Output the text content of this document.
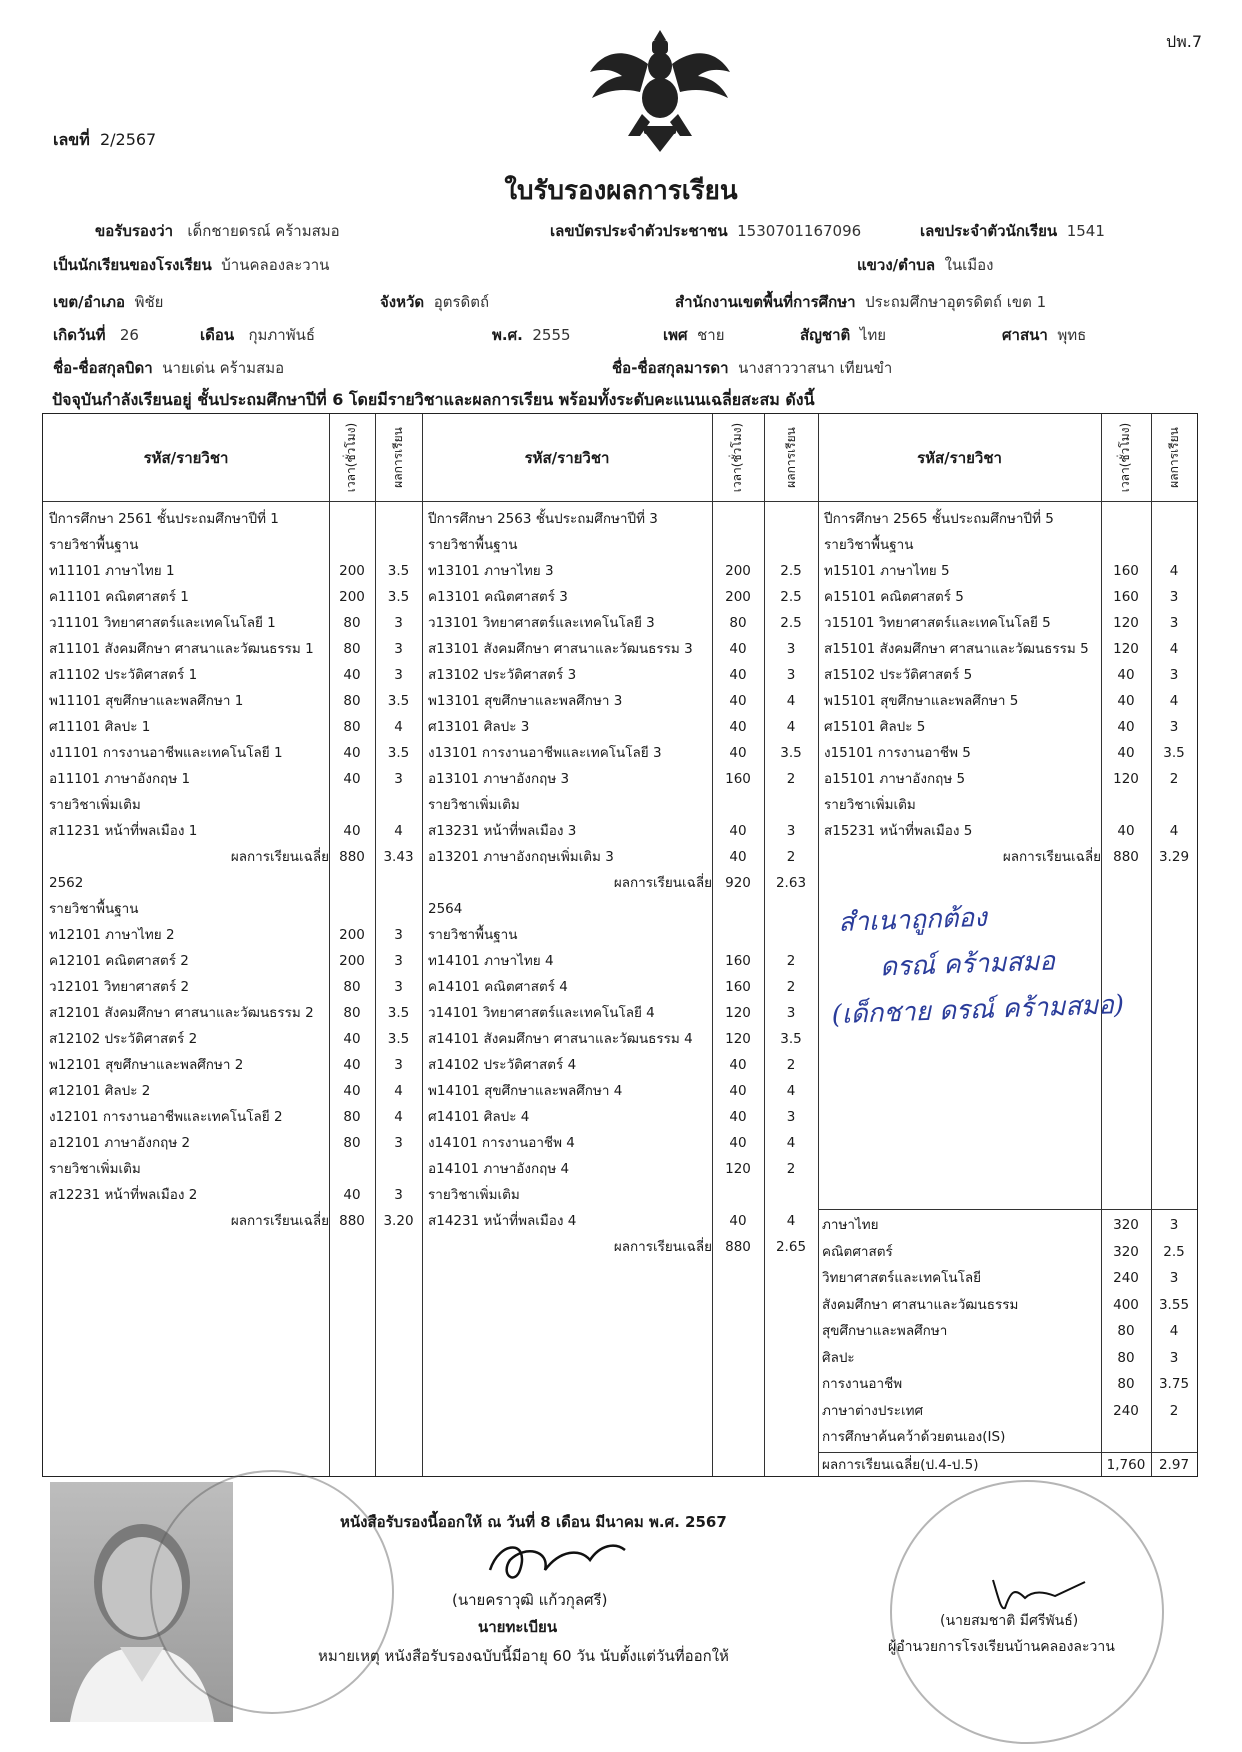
ปพ.7
เลขที่ 2/2567
ใบรับรองผลการเรียน
ขอรับรองว่า เด็กชายดรณ์ คร้ามสมอ	เลขบัตรประจำตัวประชาชน 1530701167096	เลขประจำตัวนักเรียน 1541
เป็นนักเรียนของโรงเรียน บ้านคลองละวาน	แขวง/ตำบล ในเมือง
เขต/อำเภอ พิชัย	จังหวัด อุตรดิตถ์	สำนักงานเขตพื้นที่การศึกษา ประถมศึกษาอุตรดิตถ์ เขต 1
เกิดวันที่ 26	เดือน กุมภาพันธ์	พ.ศ. 2555	เพศ ชาย	สัญชาติ ไทย	ศาสนา พุทธ
ชื่อ-ชื่อสกุลบิดา นายเด่น คร้ามสมอ	ชื่อ-ชื่อสกุลมารดา นางสาววาสนา เทียนขำ
ปัจจุบันกำลังเรียนอยู่ ชั้นประถมศึกษาปีที่ 6 โดยมีรายวิชาและผลการเรียน พร้อมทั้งระดับคะแนนเฉลี่ยสะสม ดังนี้
รหัส/รายวิชา	เวลา(ชั่วโมง)	ผลการเรียน	รหัส/รายวิชา	เวลา(ชั่วโมง)	ผลการเรียน	รหัส/รายวิชา	เวลา(ชั่วโมง)	ผลการเรียน
ปีการศึกษา 2561 ชั้นประถมศึกษาปีที่ 1
รายวิชาพื้นฐาน
ท11101 ภาษาไทย 1	200	3.5
ค11101 คณิตศาสตร์ 1	200	3.5
ว11101 วิทยาศาสตร์และเทคโนโลยี 1	80	3
ส11101 สังคมศึกษา ศาสนาและวัฒนธรรม 1	80	3
ส11102 ประวัติศาสตร์ 1	40	3
พ11101 สุขศึกษาและพลศึกษา 1	80	3.5
ศ11101 ศิลปะ 1	80	4
ง11101 การงานอาชีพและเทคโนโลยี 1	40	3.5
อ11101 ภาษาอังกฤษ 1	40	3
รายวิชาเพิ่มเติม
ส11231 หน้าที่พลเมือง 1	40	4
ผลการเรียนเฉลี่ย 880	3.43
2562
รายวิชาพื้นฐาน
ท12101 ภาษาไทย 2	200	3
ค12101 คณิตศาสตร์ 2	200	3
ว12101 วิทยาศาสตร์ 2	80	3
ส12101 สังคมศึกษา ศาสนาและวัฒนธรรม 2	80	3.5
ส12102 ประวัติศาสตร์ 2	40	3.5
พ12101 สุขศึกษาและพลศึกษา 2	40	3
ศ12101 ศิลปะ 2	40	4
ง12101 การงานอาชีพและเทคโนโลยี 2	80	4
อ12101 ภาษาอังกฤษ 2	80	3
รายวิชาเพิ่มเติม
ส12231 หน้าที่พลเมือง 2	40	3
ผลการเรียนเฉลี่ย 880	3.20
ปีการศึกษา 2563 ชั้นประถมศึกษาปีที่ 3
รายวิชาพื้นฐาน
ท13101 ภาษาไทย 3	200	2.5
ค13101 คณิตศาสตร์ 3	200	2.5
ว13101 วิทยาศาสตร์และเทคโนโลยี 3	80	2.5
ส13101 สังคมศึกษา ศาสนาและวัฒนธรรม 3	40	3
ส13102 ประวัติศาสตร์ 3	40	3
พ13101 สุขศึกษาและพลศึกษา 3	40	4
ศ13101 ศิลปะ 3	40	4
ง13101 การงานอาชีพและเทคโนโลยี 3	40	3.5
อ13101 ภาษาอังกฤษ 3	160	2
รายวิชาเพิ่มเติม
ส13231 หน้าที่พลเมือง 3	40	3
อ13201 ภาษาอังกฤษเพิ่มเติม 3	40	2
ผลการเรียนเฉลี่ย 920	2.63
2564
รายวิชาพื้นฐาน
ท14101 ภาษาไทย 4	160	2
ค14101 คณิตศาสตร์ 4	160	2
ว14101 วิทยาศาสตร์และเทคโนโลยี 4	120	3
ส14101 สังคมศึกษา ศาสนาและวัฒนธรรม 4	120	3.5
ส14102 ประวัติศาสตร์ 4	40	2
พ14101 สุขศึกษาและพลศึกษา 4	40	4
ศ14101 ศิลปะ 4	40	3
ง14101 การงานอาชีพ 4	40	4
อ14101 ภาษาอังกฤษ 4	120	2
รายวิชาเพิ่มเติม
ส14231 หน้าที่พลเมือง 4	40	4
ผลการเรียนเฉลี่ย 880	2.65
ปีการศึกษา 2565 ชั้นประถมศึกษาปีที่ 5
รายวิชาพื้นฐาน
ท15101 ภาษาไทย 5	160	4
ค15101 คณิตศาสตร์ 5	160	3
ว15101 วิทยาศาสตร์และเทคโนโลยี 5	120	3
ส15101 สังคมศึกษา ศาสนาและวัฒนธรรม 5	120	4
ส15102 ประวัติศาสตร์ 5	40	3
พ15101 สุขศึกษาและพลศึกษา 5	40	4
ศ15101 ศิลปะ 5	40	3
ง15101 การงานอาชีพ 5	40	3.5
อ15101 ภาษาอังกฤษ 5	120	2
รายวิชาเพิ่มเติม
ส15231 หน้าที่พลเมือง 5	40	4
ผลการเรียนเฉลี่ย 880	3.29
ภาษาไทย	320	3
คณิตศาสตร์	320	2.5
วิทยาศาสตร์และเทคโนโลยี	240	3
สังคมศึกษา ศาสนาและวัฒนธรรม	400	3.55
สุขศึกษาและพลศึกษา	80	4
ศิลปะ	80	3
การงานอาชีพ	80	3.75
ภาษาต่างประเทศ	240	2
การศึกษาค้นคว้าด้วยตนเอง(IS)
ผลการเรียนเฉลี่ย(ป.4-ป.5)	1,760	2.97
สำเนาถูกต้อง
ดรณ์ คร้ามสมอ
(เด็กชาย ดรณ์ คร้ามสมอ)
หนังสือรับรองนี้ออกให้ ณ วันที่ 8 เดือน มีนาคม พ.ศ. 2567
(นายคราวุฒิ แก้วกุลศรี)
นายทะเบียน
หมายเหตุ หนังสือรับรองฉบับนี้มีอายุ 60 วัน นับตั้งแต่วันที่ออกให้
(นายสมชาติ มีศรีพันธ์)
ผู้อำนวยการโรงเรียนบ้านคลองละวาน
